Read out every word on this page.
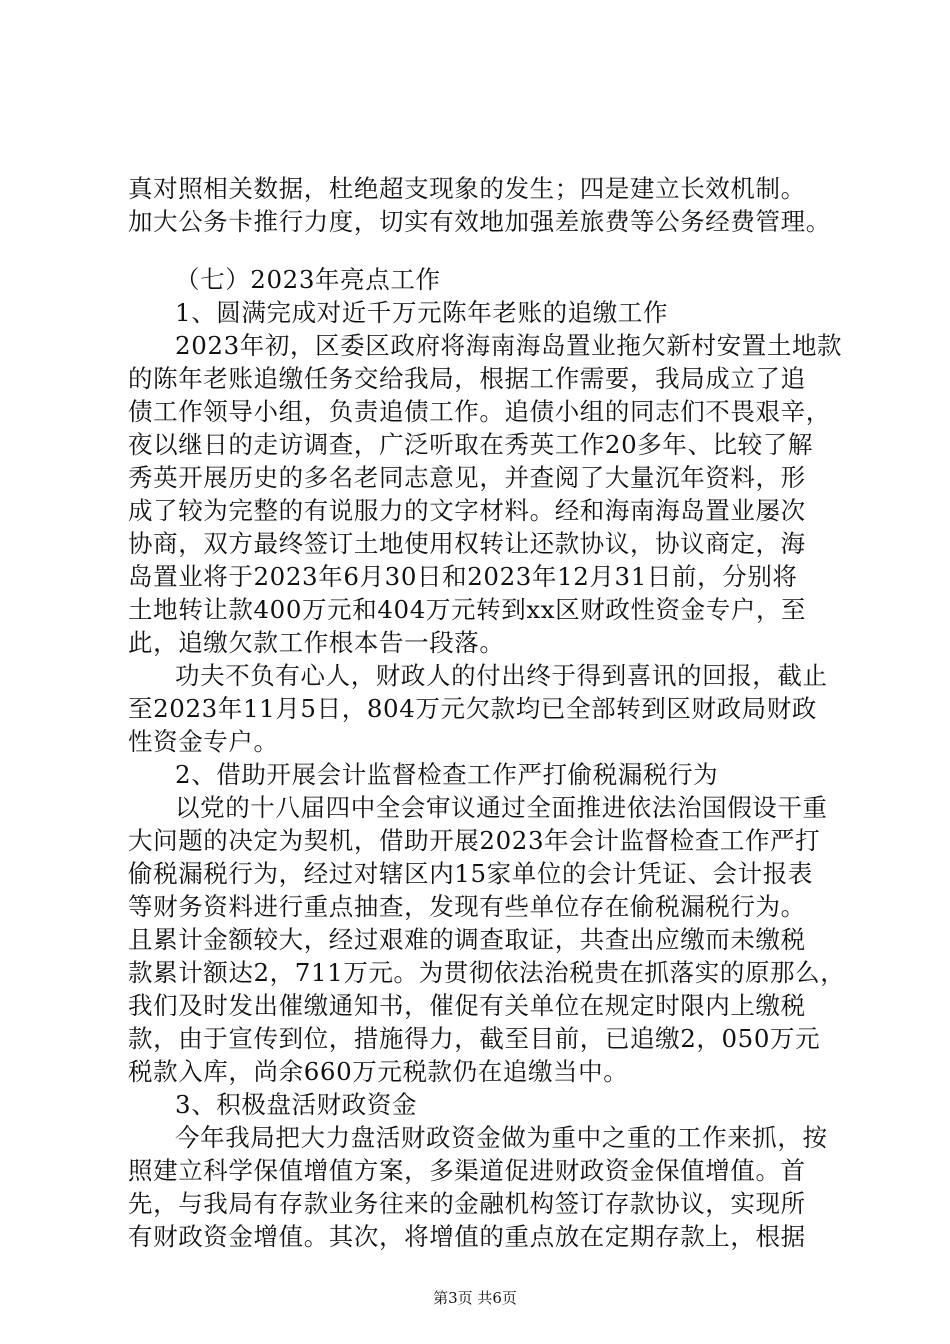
真对照相关数据，杜绝超支现象的发生；四是建立长效机制。
加大公务卡推行力度，切实有效地加强差旅费等公务经费管理。
（七）2023年亮点工作
1、圆满完成对近千万元陈年老账的追缴工作
2023年初，区委区政府将海南海岛置业拖欠新村安置土地款
的陈年老账追缴任务交给我局，根据工作需要，我局成立了追
债工作领导小组，负责追债工作。追债小组的同志们不畏艰辛，
夜以继日的走访调查，广泛听取在秀英工作20多年、比较了解
秀英开展历史的多名老同志意见，并查阅了大量沉年资料，形
成了较为完整的有说服力的文字材料。经和海南海岛置业屡次
协商，双方最终签订土地使用权转让还款协议，协议商定，海
岛置业将于2023年6月30日和2023年12月31日前，分别将
土地转让款400万元和404万元转到xx区财政性资金专户，至
此，追缴欠款工作根本告一段落。
功夫不负有心人，财政人的付出终于得到喜讯的回报，截止
至2023年11月5日，804万元欠款均已全部转到区财政局财政
性资金专户。
2、借助开展会计监督检查工作严打偷税漏税行为
以党的十八届四中全会审议通过全面推进依法治国假设干重
大问题的决定为契机，借助开展2023年会计监督检查工作严打
偷税漏税行为，经过对辖区内15家单位的会计凭证、会计报表
等财务资料进行重点抽查，发现有些单位存在偷税漏税行为。
且累计金额较大，经过艰难的调查取证，共查出应缴而未缴税
款累计额达2，711万元。为贯彻依法治税贵在抓落实的原那么，
我们及时发出催缴通知书，催促有关单位在规定时限内上缴税
款，由于宣传到位，措施得力，截至目前，已追缴2，050万元
税款入库，尚余660万元税款仍在追缴当中。
3、积极盘活财政资金
今年我局把大力盘活财政资金做为重中之重的工作来抓，按
照建立科学保值增值方案，多渠道促进财政资金保值增值。首
先，与我局有存款业务往来的金融机构签订存款协议，实现所
有财政资金增值。其次，将增值的重点放在定期存款上，根据
第3页 共6页
